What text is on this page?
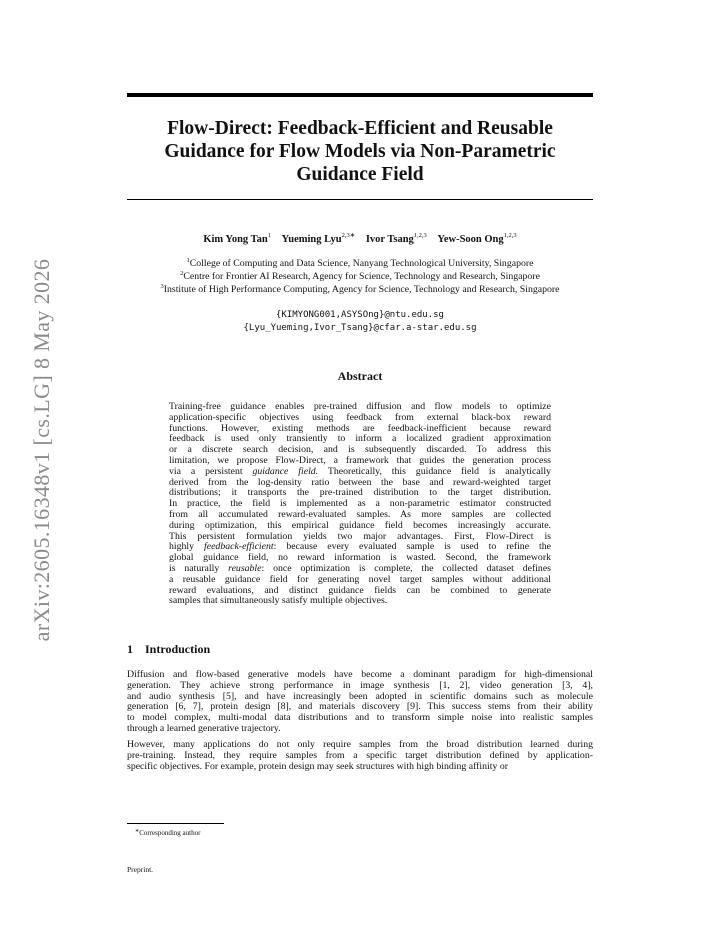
arXiv:2605.16348v1 [cs.LG] 8 May 2026
Flow-Direct: Feedback-Efficient and Reusable
Guidance for Flow Models via Non-Parametric
Guidance Field
Kim Yong Tan$^1$ Yueming Lyu$^{2,3∗}$ Ivor Tsang$^{1,2,3}$ Yew-Soon Ong$^{1,2,3}$
$^1$College of Computing and Data Science, Nanyang Technological University, Singapore
$^2$Centre for Frontier AI Research, Agency for Science, Technology and Research, Singapore
$^3$Institute of High Performance Computing, Agency for Science, Technology and Research, Singapore
{KIMYONG001,ASYSOng}@ntu.edu.sg
{Lyu_Yueming,Ivor_Tsang}@cfar.a-star.edu.sg
Abstract
Training-free guidance enables pre-trained diffusion and flow models to optimize
application-specific objectives using feedback from external black-box reward
functions. However, existing methods are feedback-inefficient because reward
feedback is used only transiently to inform a localized gradient approximation
or a discrete search decision, and is subsequently discarded. To address this
limitation, we propose Flow-Direct, a framework that guides the generation process
via a persistent guidance field. Theoretically, this guidance field is analytically
derived from the log-density ratio between the base and reward-weighted target
distributions; it transports the pre-trained distribution to the target distribution.
In practice, the field is implemented as a non-parametric estimator constructed
from all accumulated reward-evaluated samples. As more samples are collected
during optimization, this empirical guidance field becomes increasingly accurate.
This persistent formulation yields two major advantages. First, Flow-Direct is
highly feedback-efficient: because every evaluated sample is used to refine the
global guidance field, no reward information is wasted. Second, the framework
is naturally reusable: once optimization is complete, the collected dataset defines
a reusable guidance field for generating novel target samples without additional
reward evaluations, and distinct guidance fields can be combined to generate
samples that simultaneously satisfy multiple objectives.
1 Introduction
Diffusion and flow-based generative models have become a dominant paradigm for high-dimensional
generation. They achieve strong performance in image synthesis [1, 2], video generation [3, 4],
and audio synthesis [5], and have increasingly been adopted in scientific domains such as molecule
generation [6, 7], protein design [8], and materials discovery [9]. This success stems from their ability
to model complex, multi-modal data distributions and to transform simple noise into realistic samples
through a learned generative trajectory.
However, many applications do not only require samples from the broad distribution learned during
pre-training. Instead, they require samples from a specific target distribution defined by application-
specific objectives. For example, protein design may seek structures with high binding affinity or
∗Corresponding author
Preprint.
